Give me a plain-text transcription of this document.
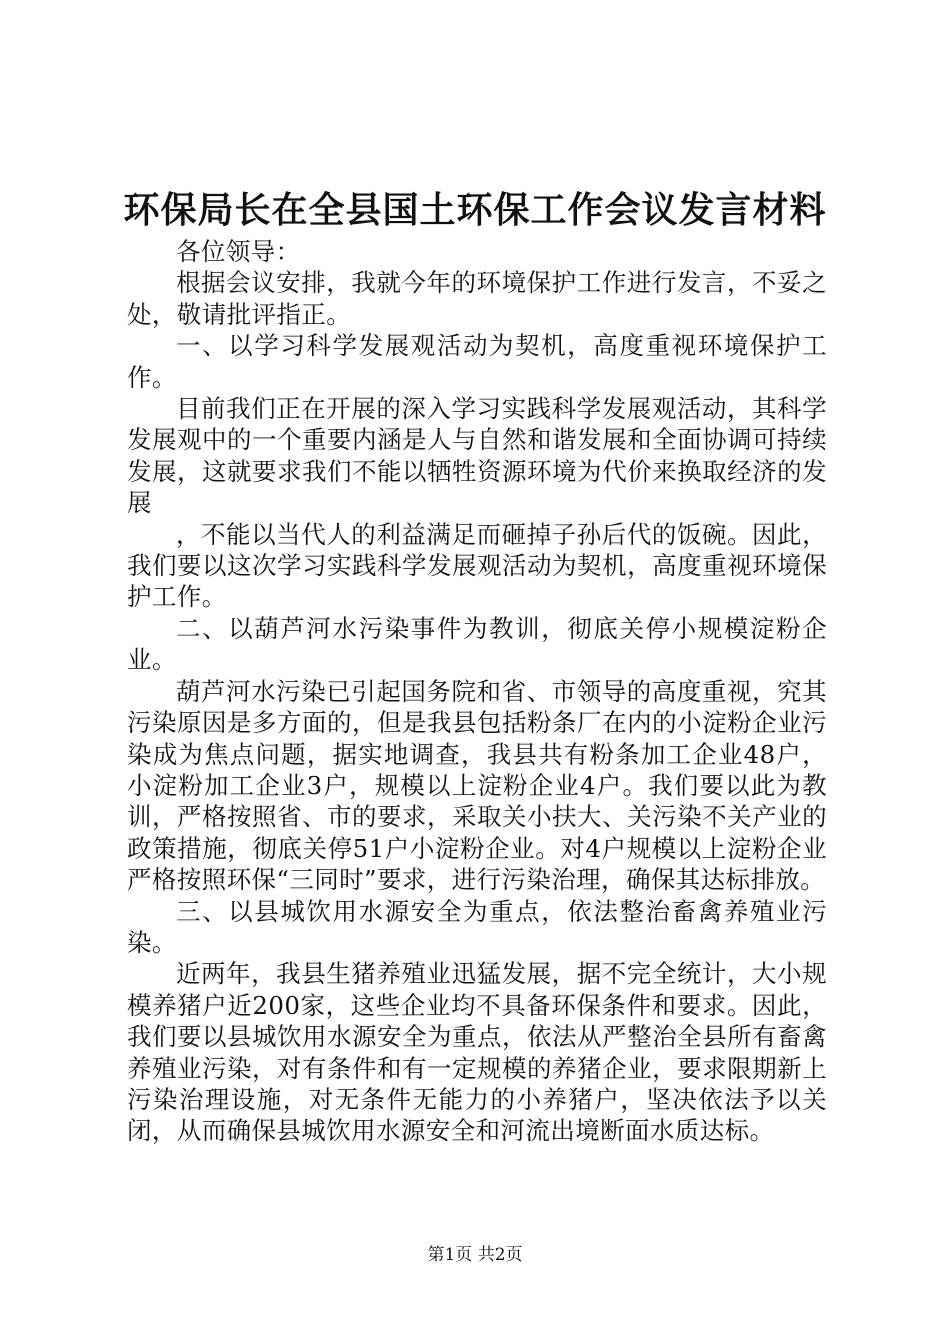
环保局长在全县国土环保工作会议发言材料

各位领导：

根据会议安排，我就今年的环境保护工作进行发言，不妥之处，敬请批评指正。

一、以学习科学发展观活动为契机，高度重视环境保护工作。

目前我们正在开展的深入学习实践科学发展观活动，其科学发展观中的一个重要内涵是人与自然和谐发展和全面协调可持续发展，这就要求我们不能以牺牲资源环境为代价来换取经济的发展

，不能以当代人的利益满足而砸掉子孙后代的饭碗。因此，我们要以这次学习实践科学发展观活动为契机，高度重视环境保护工作。

二、以葫芦河水污染事件为教训，彻底关停小规模淀粉企业。

葫芦河水污染已引起国务院和省、市领导的高度重视，究其污染原因是多方面的，但是我县包括粉条厂在内的小淀粉企业污染成为焦点问题，据实地调查，我县共有粉条加工企业48户，小淀粉加工企业3户，规模以上淀粉企业4户。我们要以此为教训，严格按照省、市的要求，采取关小扶大、关污染不关产业的政策措施，彻底关停51户小淀粉企业。对4户规模以上淀粉企业严格按照环保“三同时”要求，进行污染治理，确保其达标排放。

三、以县城饮用水源安全为重点，依法整治畜禽养殖业污染。

近两年，我县生猪养殖业迅猛发展，据不完全统计，大小规模养猪户近200家，这些企业均不具备环保条件和要求。因此，我们要以县城饮用水源安全为重点，依法从严整治全县所有畜禽养殖业污染，对有条件和有一定规模的养猪企业，要求限期新上污染治理设施，对无条件无能力的小养猪户，坚决依法予以关闭，从而确保县城饮用水源安全和河流出境断面水质达标。

第1页 共2页
